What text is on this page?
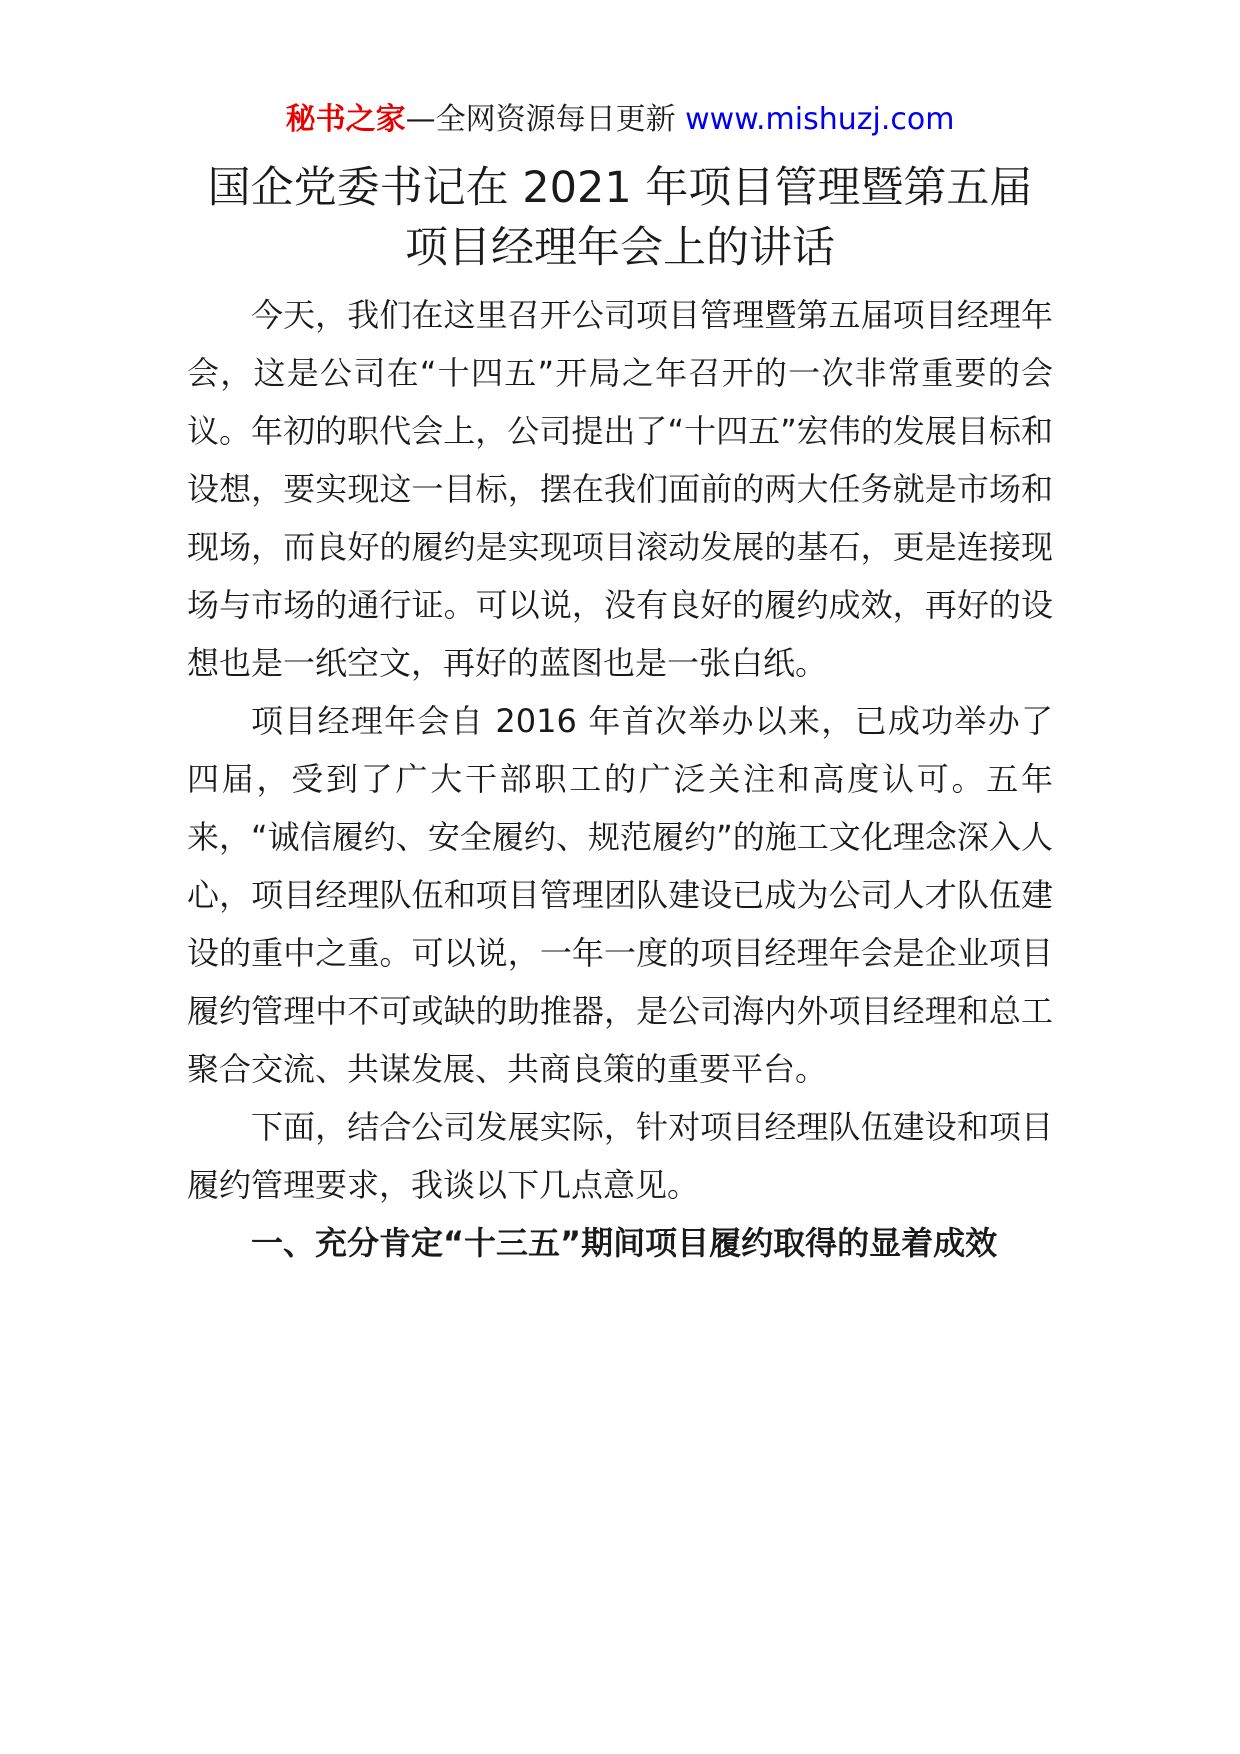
秘书之家—全网资源每日更新 www.mishuzj.com
国企党委书记在 2021 年项目管理暨第五届
项目经理年会上的讲话

今天，我们在这里召开公司项目管理暨第五届项目经理年会，这是公司在“十四五”开局之年召开的一次非常重要的会议。年初的职代会上，公司提出了“十四五”宏伟的发展目标和设想，要实现这一目标，摆在我们面前的两大任务就是市场和现场，而良好的履约是实现项目滚动发展的基石，更是连接现场与市场的通行证。可以说，没有良好的履约成效，再好的设想也是一纸空文，再好的蓝图也是一张白纸。

项目经理年会自 2016 年首次举办以来，已成功举办了四届，受到了广大干部职工的广泛关注和高度认可。五年来，“诚信履约、安全履约、规范履约”的施工文化理念深入人心，项目经理队伍和项目管理团队建设已成为公司人才队伍建设的重中之重。可以说，一年一度的项目经理年会是企业项目履约管理中不可或缺的助推器，是公司海内外项目经理和总工聚合交流、共谋发展、共商良策的重要平台。

下面，结合公司发展实际，针对项目经理队伍建设和项目履约管理要求，我谈以下几点意见。

一、充分肯定“十三五”期间项目履约取得的显着成效
